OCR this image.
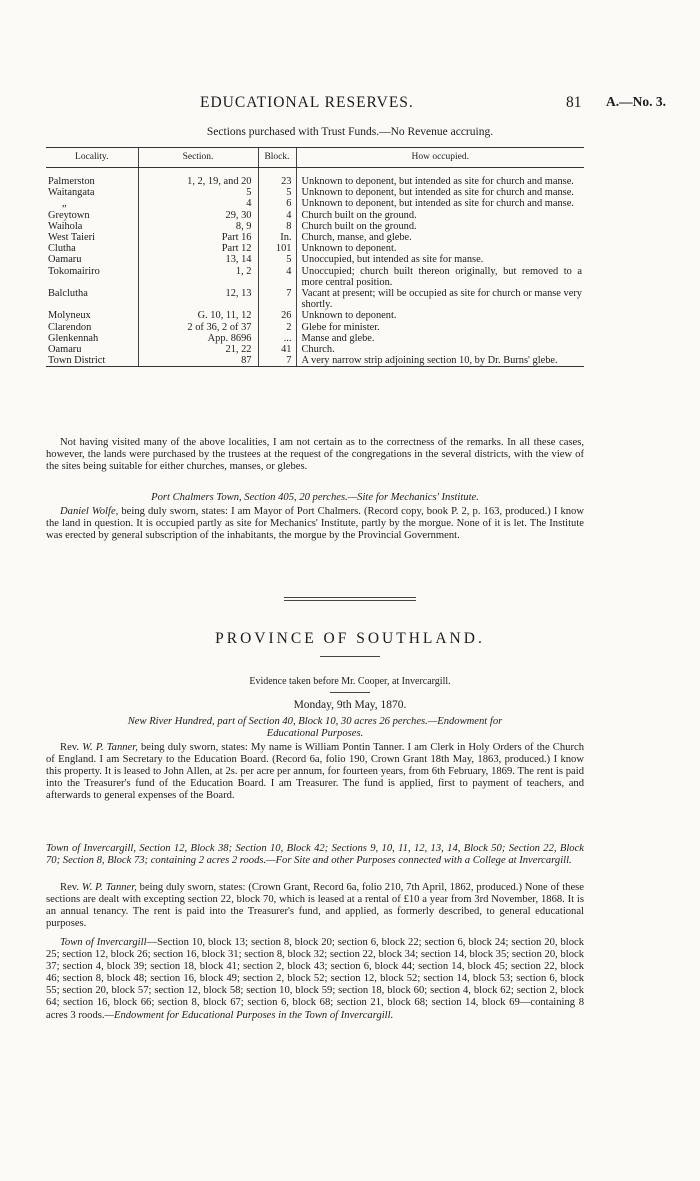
EDUCATIONAL RESERVES.	81 A.—No. 3.
Sections purchased with Trust Funds.—No Revenue accruing.
Locality.	Section.	Block.	How occupied.
Palmerston	1, 2, 19, and 20	23	Unknown to deponent, but intended as site for church and manse.
Waitangata	5	5	Unknown to deponent, but intended as site for church and manse.
„	4	6	Unknown to deponent, but intended as site for church and manse.
Greytown	29, 30	4	Church built on the ground.
Waihola	8, 9	8	Church built on the ground.
West Taieri	Part 16	In.	Church, manse, and glebe.
Clutha	Part 12	101	Unknown to deponent.
Oamaru	13, 14	5	Unoccupied, but intended as site for manse.
Tokomairiro	1, 2	4	Unoccupied; church built thereon originally, but removed to a more central position.
Balclutha	12, 13	7	Vacant at present; will be occupied as site for church or manse very shortly.
Molyneux	G. 10, 11, 12	26	Unknown to deponent.
Clarendon	2 of 36, 2 of 37	2	Glebe for minister.
Glenkennah	App. 8696	...	Manse and glebe.
Oamaru	21, 22	41	Church.
Town District	87	7	A very narrow strip adjoining section 10, by Dr. Burns' glebe.

Not having visited many of the above localities, I am not certain as to the correctness of the remarks. In all these cases, however, the lands were purchased by the trustees at the request of the congregations in the several districts, with the view of the sites being suitable for either churches, manses, or glebes.

Port Chalmers Town, Section 405, 20 perches.—Site for Mechanics' Institute.

Daniel Wolfe, being duly sworn, states: I am Mayor of Port Chalmers. (Record copy, book P. 2, p. 163, produced.) I know the land in question. It is occupied partly as site for Mechanics' Institute, partly by the morgue. None of it is let. The Institute was erected by general subscription of the inhabitants, the morgue by the Provincial Government.

PROVINCE OF SOUTHLAND.
Evidence taken before Mr. Cooper, at Invercargill.
Monday, 9th May, 1870.

New River Hundred, part of Section 40, Block 10, 30 acres 26 perches.—Endowment for Educational Purposes.

Rev. W. P. Tanner, being duly sworn, states: My name is William Pontin Tanner. I am Clerk in Holy Orders of the Church of England. I am Secretary to the Education Board. (Record 6a, folio 190, Crown Grant 18th May, 1863, produced.) I know this property. It is leased to John Allen, at 2s. per acre per annum, for fourteen years, from 6th February, 1869. The rent is paid into the Treasurer's fund of the Education Board. I am Treasurer. The fund is applied, first to payment of teachers, and afterwards to general expenses of the Board.

Town of Invercargill, Section 12, Block 38; Section 10, Block 42; Sections 9, 10, 11, 12, 13, 14, Block 50; Section 22, Block 70; Section 8, Block 73; containing 2 acres 2 roods.—For Site and other Purposes connected with a College at Invercargill.

Rev. W. P. Tanner, being duly sworn, states: (Crown Grant, Record 6a, folio 210, 7th April, 1862, produced.) None of these sections are dealt with excepting section 22, block 70, which is leased at a rental of £10 a year from 3rd November, 1868. It is an annual tenancy. The rent is paid into the Treasurer's fund, and applied, as formerly described, to general educational purposes.

Town of Invercargill—Section 10, block 13; section 8, block 20; section 6, block 22; section 6, block 24; section 20, block 25; section 12, block 26; section 16, block 31; section 8, block 32; section 22, block 34; section 14, block 35; section 20, block 37; section 4, block 39; section 18, block 41; section 2, block 43; section 6, block 44; section 14, block 45; section 22, block 46; section 8, block 48; section 16, block 49; section 2, block 52; section 12, block 52; section 14, block 53; section 6, block 55; section 20, block 57; section 12, block 58; section 10, block 59; section 18, block 60; section 4, block 62; section 2, block 64; section 16, block 66; section 8, block 67; section 6, block 68; section 21, block 68; section 14, block 69—containing 8 acres 3 roods.—Endowment for Educational Purposes in the Town of Invercargill.
